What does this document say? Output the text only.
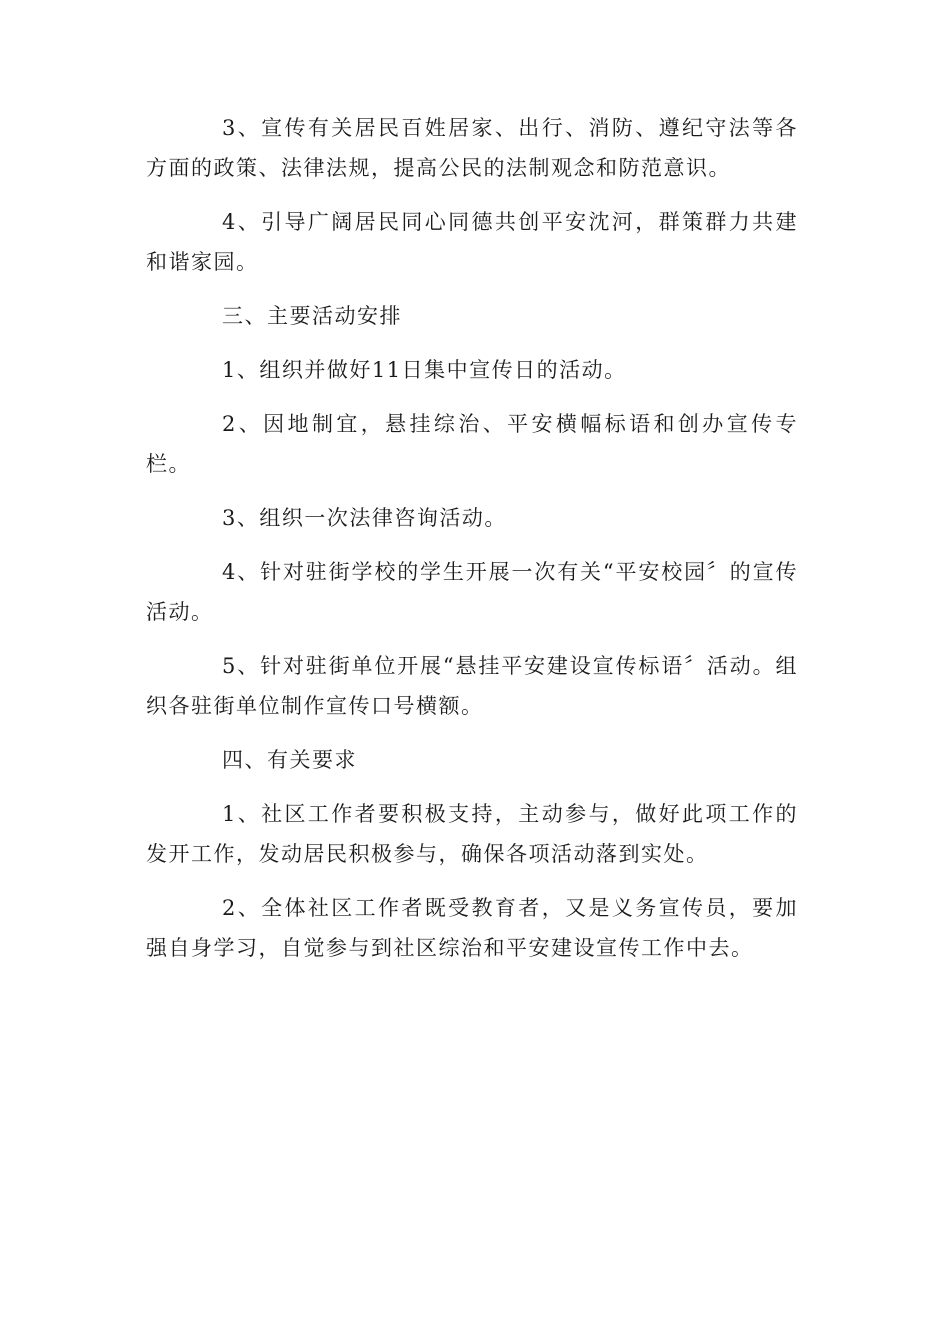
3、宣传有关居民百姓居家、出行、消防、遵纪守法等各方面的政策、法律法规，提高公民的法制观念和防范意识。

4、引导广阔居民同心同德共创平安沈河，群策群力共建和谐家园。

三、主要活动安排

1、组织并做好11日集中宣传日的活动。

2、因地制宜，悬挂综治、平安横幅标语和创办宣传专栏。

3、组织一次法律咨询活动。

4、针对驻街学校的学生开展一次有关“平安校园〞的宣传活动。

5、针对驻街单位开展“悬挂平安建设宣传标语〞活动。组织各驻街单位制作宣传口号横额。

四、有关要求

1、社区工作者要积极支持，主动参与，做好此项工作的发开工作，发动居民积极参与，确保各项活动落到实处。

2、全体社区工作者既受教育者，又是义务宣传员，要加强自身学习，自觉参与到社区综治和平安建设宣传工作中去。
